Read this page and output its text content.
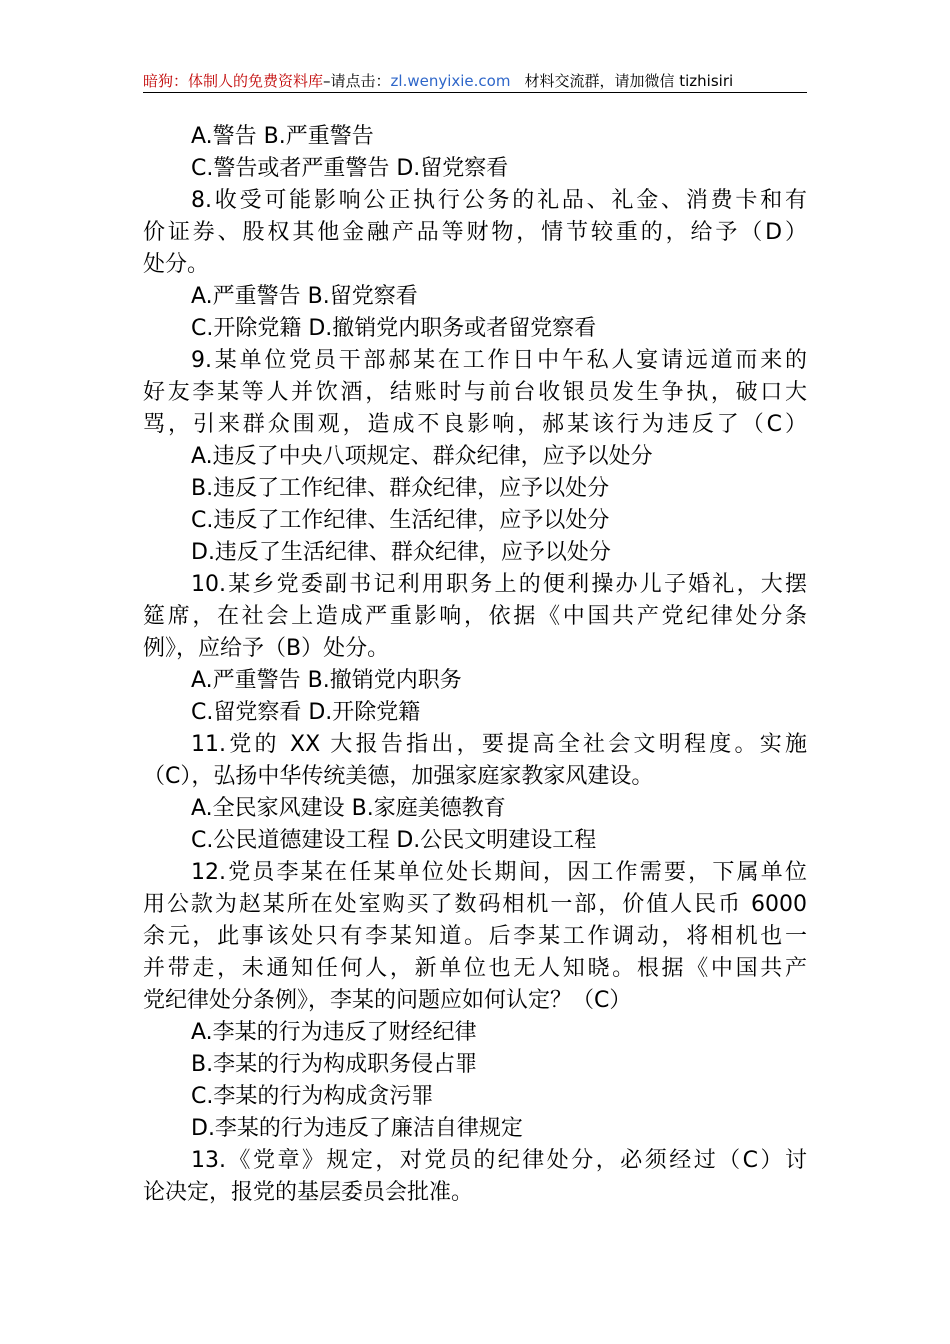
暗狗：体制人的免费资料库–请点击：zl.wenyixie.com 材料交流群，请加微信 tizhisiri
A.警告 B.严重警告
C.警告或者严重警告 D.留党察看
8.收受可能影响公正执行公务的礼品、礼金、消费卡和有
价证券、股权其他金融产品等财物，情节较重的，给予（D）
处分。
A.严重警告 B.留党察看
C.开除党籍 D.撤销党内职务或者留党察看
9.某单位党员干部郝某在工作日中午私人宴请远道而来的
好友李某等人并饮酒，结账时与前台收银员发生争执，破口大
骂，引来群众围观，造成不良影响，郝某该行为违反了（C）
A.违反了中央八项规定、群众纪律，应予以处分
B.违反了工作纪律、群众纪律，应予以处分
C.违反了工作纪律、生活纪律，应予以处分
D.违反了生活纪律、群众纪律，应予以处分
10.某乡党委副书记利用职务上的便利操办儿子婚礼，大摆
筵席，在社会上造成严重影响，依据《中国共产党纪律处分条
例》，应给予（B）处分。
A.严重警告 B.撤销党内职务
C.留党察看 D.开除党籍
11.党的 XX 大报告指出，要提高全社会文明程度。实施
（C），弘扬中华传统美德，加强家庭家教家风建设。
A.全民家风建设 B.家庭美德教育
C.公民道德建设工程 D.公民文明建设工程
12.党员李某在任某单位处长期间，因工作需要，下属单位
用公款为赵某所在处室购买了数码相机一部，价值人民币 6000
余元，此事该处只有李某知道。后李某工作调动，将相机也一
并带走，未通知任何人，新单位也无人知晓。根据《中国共产
党纪律处分条例》，李某的问题应如何认定？（C）
A.李某的行为违反了财经纪律
B.李某的行为构成职务侵占罪
C.李某的行为构成贪污罪
D.李某的行为违反了廉洁自律规定
13.《党章》规定，对党员的纪律处分，必须经过（C）讨
论决定，报党的基层委员会批准。
